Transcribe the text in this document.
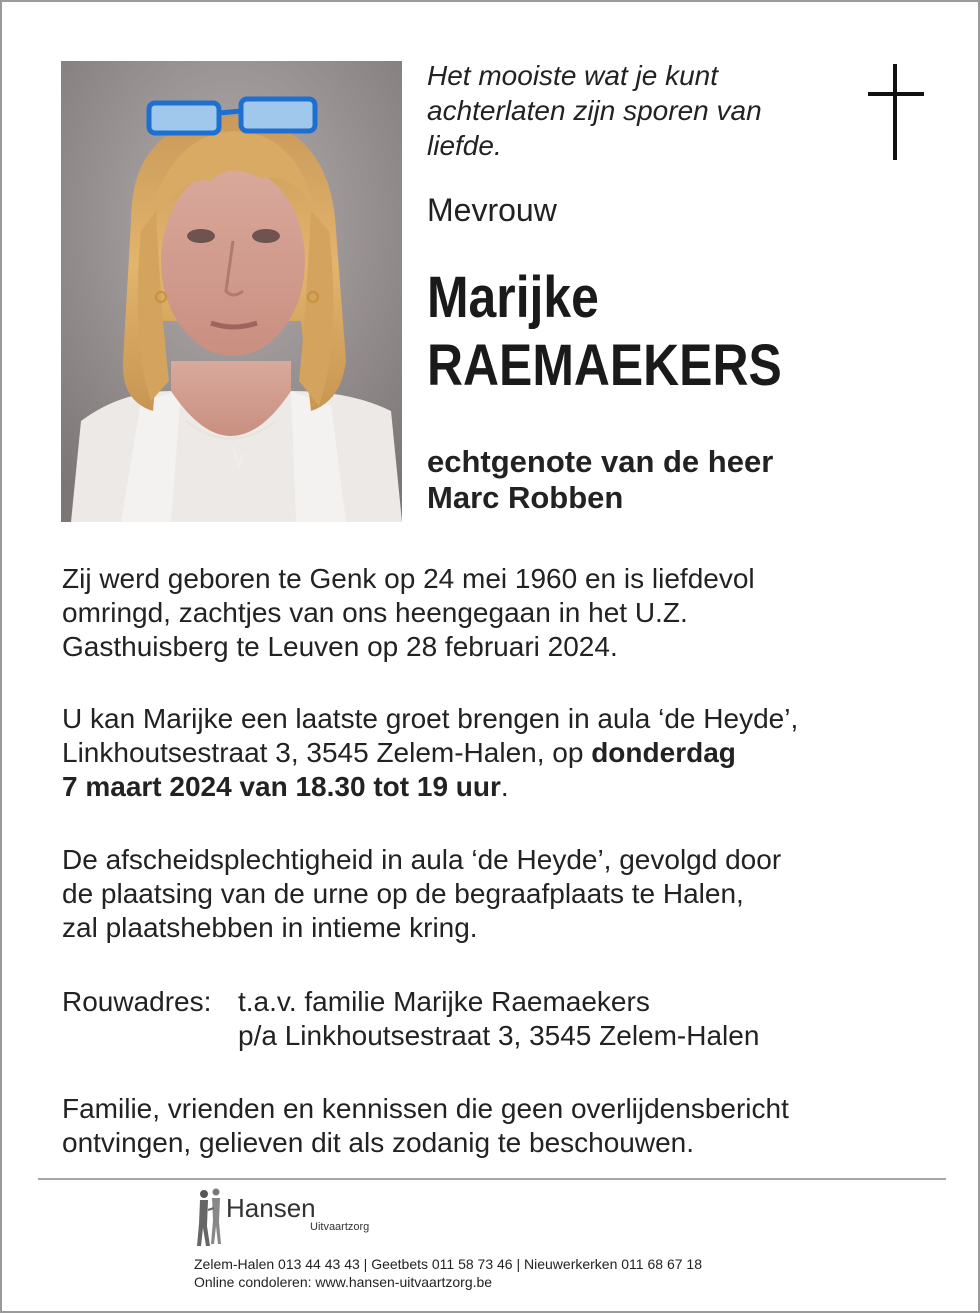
Het mooiste wat je kunt
achterlaten zijn sporen van
liefde.
Mevrouw
Marijke
RAEMAEKERS
echtgenote van de heer
Marc Robben
Zij werd geboren te Genk op 24 mei 1960 en is liefdevol
omringd, zachtjes van ons heengegaan in het U.Z.
Gasthuisberg te Leuven op 28 februari 2024.
U kan Marijke een laatste groet brengen in aula ‘de Heyde’,
Linkhoutsestraat 3, 3545 Zelem-Halen, op donderdag
7 maart 2024 van 18.30 tot 19 uur.
De afscheidsplechtigheid in aula ‘de Heyde’, gevolgd door
de plaatsing van de urne op de begraafplaats te Halen,
zal plaatshebben in intieme kring.
Rouwadres: t.a.v. familie Marijke Raemaekers
p/a Linkhoutsestraat 3, 3545 Zelem-Halen
Familie, vrienden en kennissen die geen overlijdensbericht
ontvingen, gelieven dit als zodanig te beschouwen.
Hansen
Uitvaartzorg
Zelem-Halen 013 44 43 43 | Geetbets 011 58 73 46 | Nieuwerkerken 011 68 67 18
Online condoleren: www.hansen-uitvaartzorg.be
